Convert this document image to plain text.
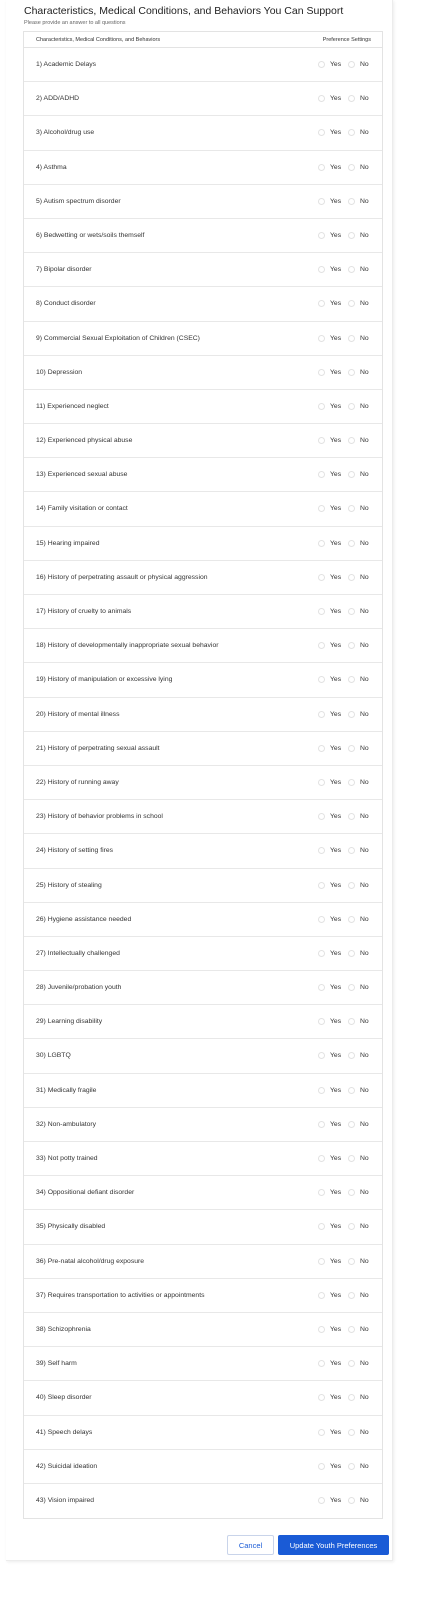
Characteristics, Medical Conditions, and Behaviors You Can Support
Please provide an answer to all questions
Characteristics, Medical Conditions, and Behaviors	Preference Settings
1) Academic Delays	Yes	No
2) ADD/ADHD	Yes	No
3) Alcohol/drug use	Yes	No
4) Asthma	Yes	No
5) Autism spectrum disorder	Yes	No
6) Bedwetting or wets/soils themself	Yes	No
7) Bipolar disorder	Yes	No
8) Conduct disorder	Yes	No
9) Commercial Sexual Exploitation of Children (CSEC)	Yes	No
10) Depression	Yes	No
11) Experienced neglect	Yes	No
12) Experienced physical abuse	Yes	No
13) Experienced sexual abuse	Yes	No
14) Family visitation or contact	Yes	No
15) Hearing impaired	Yes	No
16) History of perpetrating assault or physical aggression	Yes	No
17) History of cruelty to animals	Yes	No
18) History of developmentally inappropriate sexual behavior	Yes	No
19) History of manipulation or excessive lying	Yes	No
20) History of mental illness	Yes	No
21) History of perpetrating sexual assault	Yes	No
22) History of running away	Yes	No
23) History of behavior problems in school	Yes	No
24) History of setting fires	Yes	No
25) History of stealing	Yes	No
26) Hygiene assistance needed	Yes	No
27) Intellectually challenged	Yes	No
28) Juvenile/probation youth	Yes	No
29) Learning disability	Yes	No
30) LGBTQ	Yes	No
31) Medically fragile	Yes	No
32) Non-ambulatory	Yes	No
33) Not potty trained	Yes	No
34) Oppositional defiant disorder	Yes	No
35) Physically disabled	Yes	No
36) Pre-natal alcohol/drug exposure	Yes	No
37) Requires transportation to activities or appointments	Yes	No
38) Schizophrenia	Yes	No
39) Self harm	Yes	No
40) Sleep disorder	Yes	No
41) Speech delays	Yes	No
42) Suicidal ideation	Yes	No
43) Vision impaired	Yes	No
Cancel	Update Youth Preferences
